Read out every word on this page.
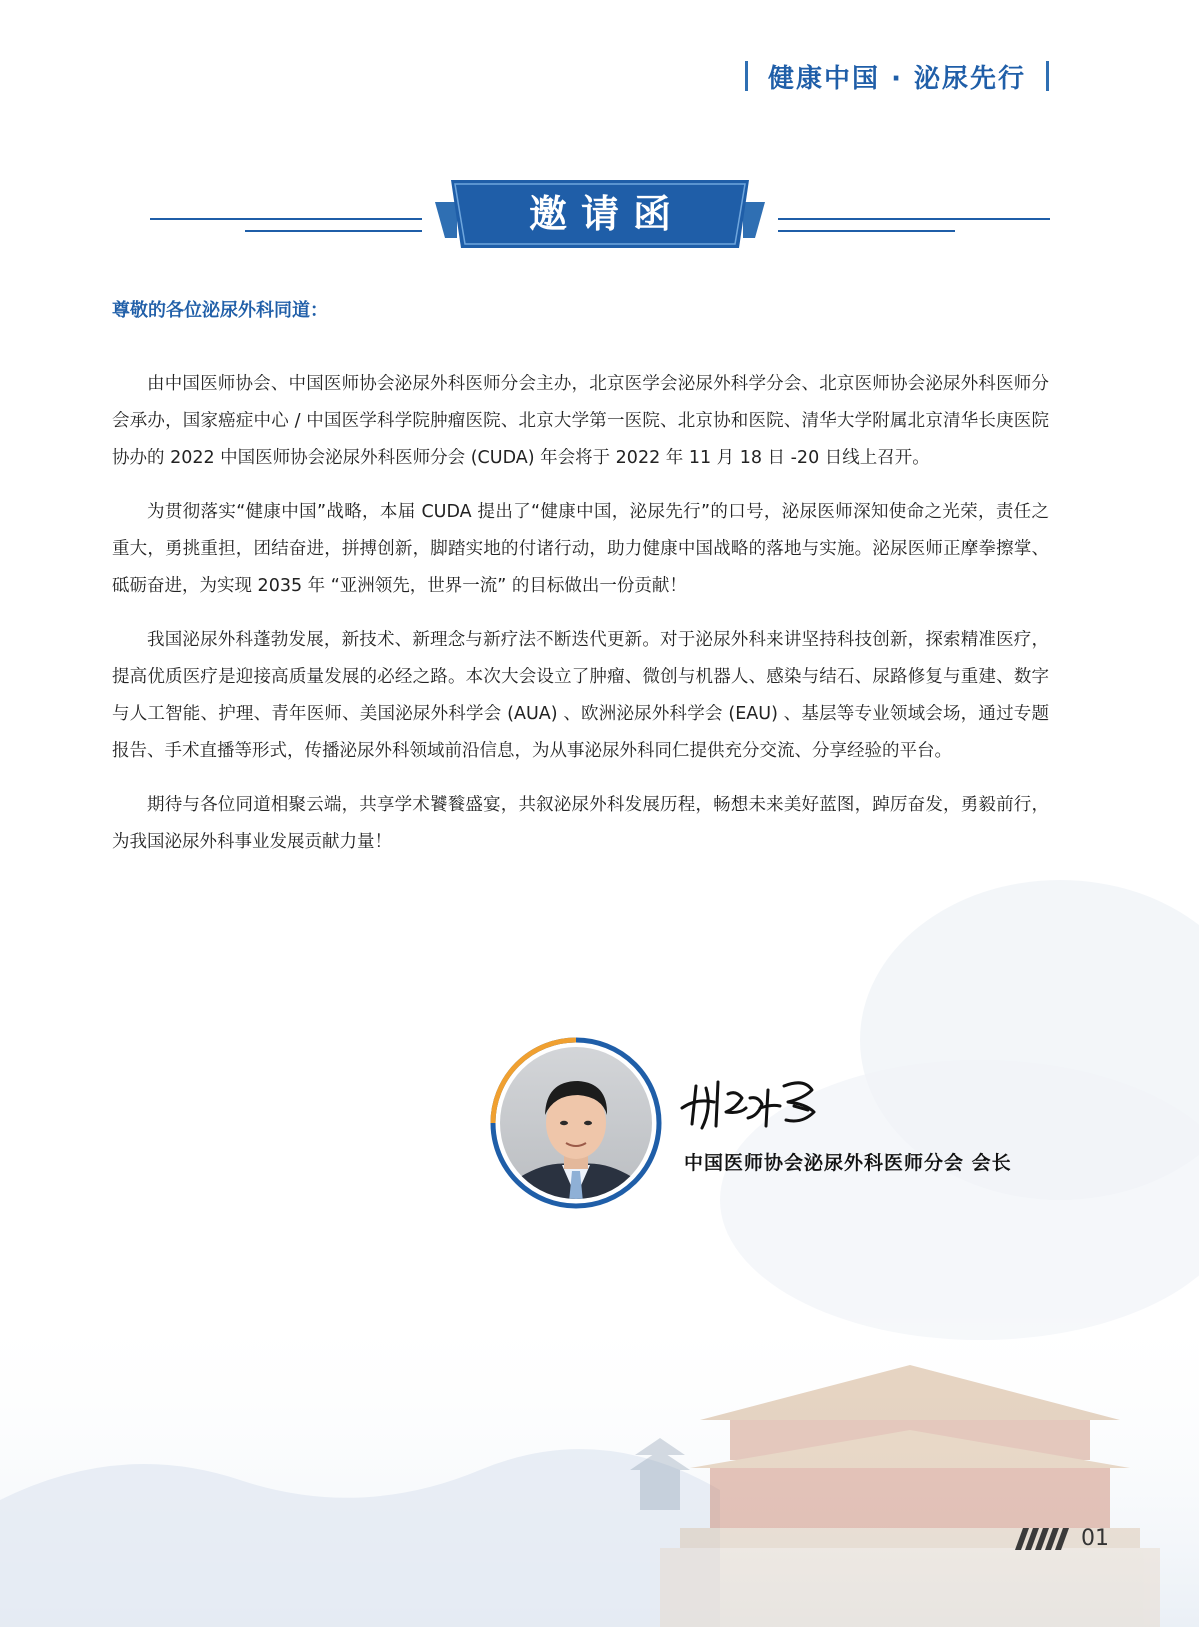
健康中国 · 泌尿先行
邀请函

尊敬的各位泌尿外科同道：

由中国医师协会、中国医师协会泌尿外科医师分会主办，北京医学会泌尿外科学分会、北京医师协会泌尿外科医师分会承办，国家癌症中心 / 中国医学科学院肿瘤医院、北京大学第一医院、北京协和医院、清华大学附属北京清华长庚医院协办的 2022 中国医师协会泌尿外科医师分会 (CUDA) 年会将于 2022 年 11 月 18 日 -20 日线上召开。

为贯彻落实“健康中国”战略，本届 CUDA 提出了“健康中国，泌尿先行”的口号，泌尿医师深知使命之光荣，责任之重大，勇挑重担，团结奋进，拼搏创新，脚踏实地的付诸行动，助力健康中国战略的落地与实施。泌尿医师正摩拳擦掌、砥砺奋进，为实现 2035 年 “亚洲领先，世界一流” 的目标做出一份贡献！

我国泌尿外科蓬勃发展，新技术、新理念与新疗法不断迭代更新。对于泌尿外科来讲坚持科技创新，探索精准医疗，提高优质医疗是迎接高质量发展的必经之路。本次大会设立了肿瘤、微创与机器人、感染与结石、尿路修复与重建、数字与人工智能、护理、青年医师、美国泌尿外科学会 (AUA) 、欧洲泌尿外科学会 (EAU) 、基层等专业领域会场，通过专题报告、手术直播等形式，传播泌尿外科领域前沿信息，为从事泌尿外科同仁提供充分交流、分享经验的平台。

期待与各位同道相聚云端，共享学术饕餮盛宴，共叙泌尿外科发展历程，畅想未来美好蓝图，踔厉奋发，勇毅前行，为我国泌尿外科事业发展贡献力量！

中国医师协会泌尿外科医师分会 会长
01
